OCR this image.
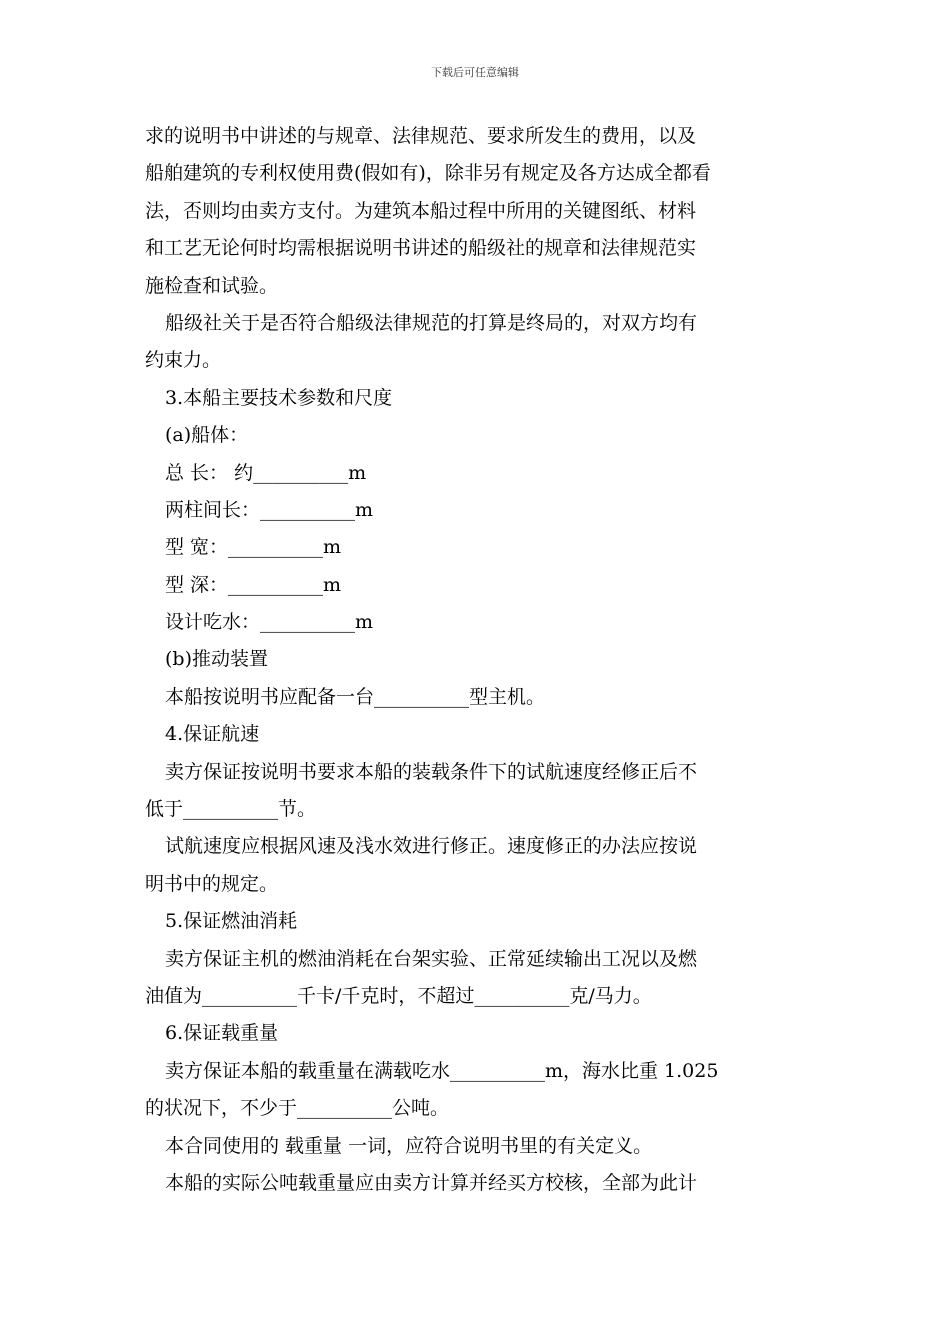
下载后可任意编辑
求的说明书中讲述的与规章、法律规范、要求所发生的费用，以及
船舶建筑的专利权使用费(假如有)，除非另有规定及各方达成全都看
法，否则均由卖方支付。为建筑本船过程中所用的关键图纸、材料
和工艺无论何时均需根据说明书讲述的船级社的规章和法律规范实
施检查和试验。
船级社关于是否符合船级法律规范的打算是终局的，对双方均有
约束力。
3.本船主要技术参数和尺度
(a)船体：
总 长： 约__________m
两柱间长：__________m
型 宽：__________m
型 深：__________m
设计吃水：__________m
(b)推动装置
本船按说明书应配备一台__________型主机。
4.保证航速
卖方保证按说明书要求本船的装载条件下的试航速度经修正后不
低于__________节。
试航速度应根据风速及浅水效进行修正。速度修正的办法应按说
明书中的规定。
5.保证燃油消耗
卖方保证主机的燃油消耗在台架实验、正常延续输出工况以及燃
油值为__________千卡/千克时，不超过__________克/马力。
6.保证载重量
卖方保证本船的载重量在满载吃水__________m，海水比重 1.025
的状况下，不少于__________公吨。
本合同使用的 载重量 一词，应符合说明书里的有关定义。
本船的实际公吨载重量应由卖方计算并经买方校核，全部为此计
